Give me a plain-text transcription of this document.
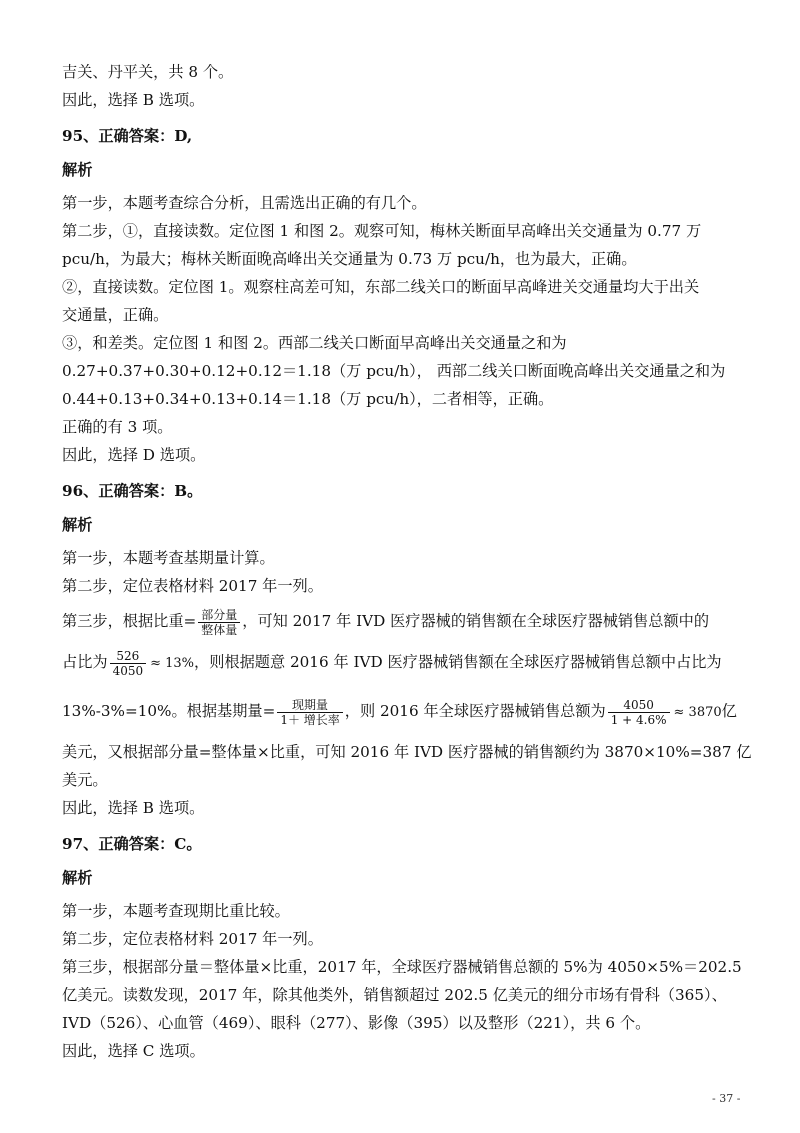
吉关、丹平关，共 8 个。
因此，选择 B 选项。
95、正确答案：D,
解析
第一步，本题考查综合分析，且需选出正确的有几个。
第二步，①，直接读数。定位图 1 和图 2。观察可知，梅林关断面早高峰出关交通量为 0.77 万
pcu/h，为最大；梅林关断面晚高峰出关交通量为 0.73 万 pcu/h，也为最大，正确。
②，直接读数。定位图 1。观察柱高差可知，东部二线关口的断面早高峰进关交通量均大于出关
交通量，正确。
③，和差类。定位图 1 和图 2。西部二线关口断面早高峰出关交通量之和为
0.27+0.37+0.30+0.12+0.12＝1.18（万 pcu/h）， 西部二线关口断面晚高峰出关交通量之和为
0.44+0.13+0.34+0.13+0.14＝1.18（万 pcu/h），二者相等，正确。
正确的有 3 项。
因此，选择 D 选项。
96、正确答案：B。
解析
第一步，本题考查基期量计算。
第二步，定位表格材料 2017 年一列。
第三步，根据比重= $\frac{\text{部分量}}{\text{整体量}}$ ，可知 2017 年 IVD 医疗器械的销售额在全球医疗器械销售总额中的
占比为 $\frac{526}{4050} \approx 13\%$，则根据题意 2016 年 IVD 医疗器械销售额在全球医疗器械销售总额中占比为
13%-3%=10%。根据基期量= $\frac{\text{现期量}}{\text{1＋ 增长率}}$ ，则 2016 年全球医疗器械销售总额为 $\frac{4050}{1 + 4.6\%} \approx 3870$亿
美元，又根据部分量=整体量×比重，可知 2016 年 IVD 医疗器械的销售额约为 3870×10%=387 亿
美元。
因此，选择 B 选项。
97、正确答案：C。
解析
第一步，本题考查现期比重比较。
第二步，定位表格材料 2017 年一列。
第三步，根据部分量＝整体量×比重，2017 年，全球医疗器械销售总额的 5%为 4050×5%＝202.5
亿美元。读数发现，2017 年，除其他类外，销售额超过 202.5 亿美元的细分市场有骨科（365）、
IVD（526）、心血管（469）、眼科（277）、影像（395）以及整形（221），共 6 个。
因此，选择 C 选项。
- 37 -
